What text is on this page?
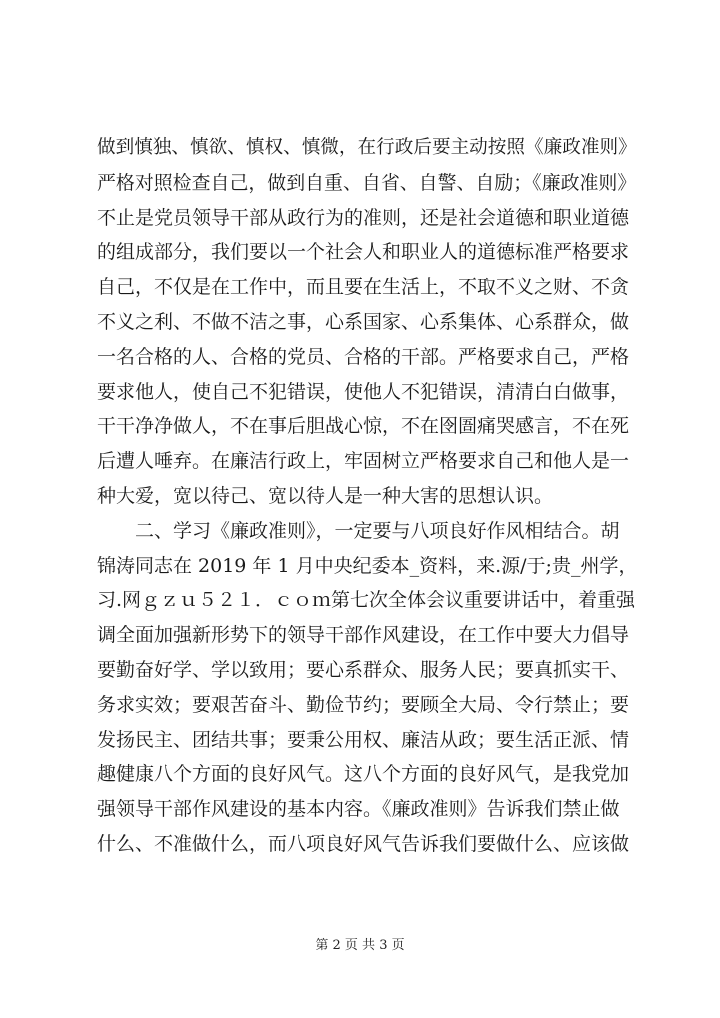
做到慎独、慎欲、慎权、慎微，在行政后要主动按照《廉政准则》
严格对照检查自己，做到自重、自省、自警、自励；《廉政准则》
不止是党员领导干部从政行为的准则，还是社会道德和职业道德
的组成部分，我们要以一个社会人和职业人的道德标准严格要求
自己，不仅是在工作中，而且要在生活上，不取不义之财、不贪
不义之利、不做不洁之事，心系国家、心系集体、心系群众，做
一名合格的人、合格的党员、合格的干部。严格要求自己，严格
要求他人，使自己不犯错误，使他人不犯错误，清清白白做事，
干干净净做人，不在事后胆战心惊，不在囹圄痛哭感言，不在死
后遭人唾弃。在廉洁行政上，牢固树立严格要求自己和他人是一
种大爱，宽以待己、宽以待人是一种大害的思想认识。
二、学习《廉政准则》，一定要与八项良好作风相结合。胡
锦涛同志在 2019 年 1 月中央纪委本_资料，来.源/于;贵_州学，
习.网ｇｚｕ５２１．ｃｏｍ第七次全体会议重要讲话中，着重强
调全面加强新形势下的领导干部作风建设，在工作中要大力倡导
要勤奋好学、学以致用；要心系群众、服务人民；要真抓实干、
务求实效；要艰苦奋斗、勤俭节约；要顾全大局、令行禁止；要
发扬民主、团结共事；要秉公用权、廉洁从政；要生活正派、情
趣健康八个方面的良好风气。这八个方面的良好风气，是我党加
强领导干部作风建设的基本内容。《廉政准则》告诉我们禁止做
什么、不准做什么，而八项良好风气告诉我们要做什么、应该做
第 2 页 共 3 页
